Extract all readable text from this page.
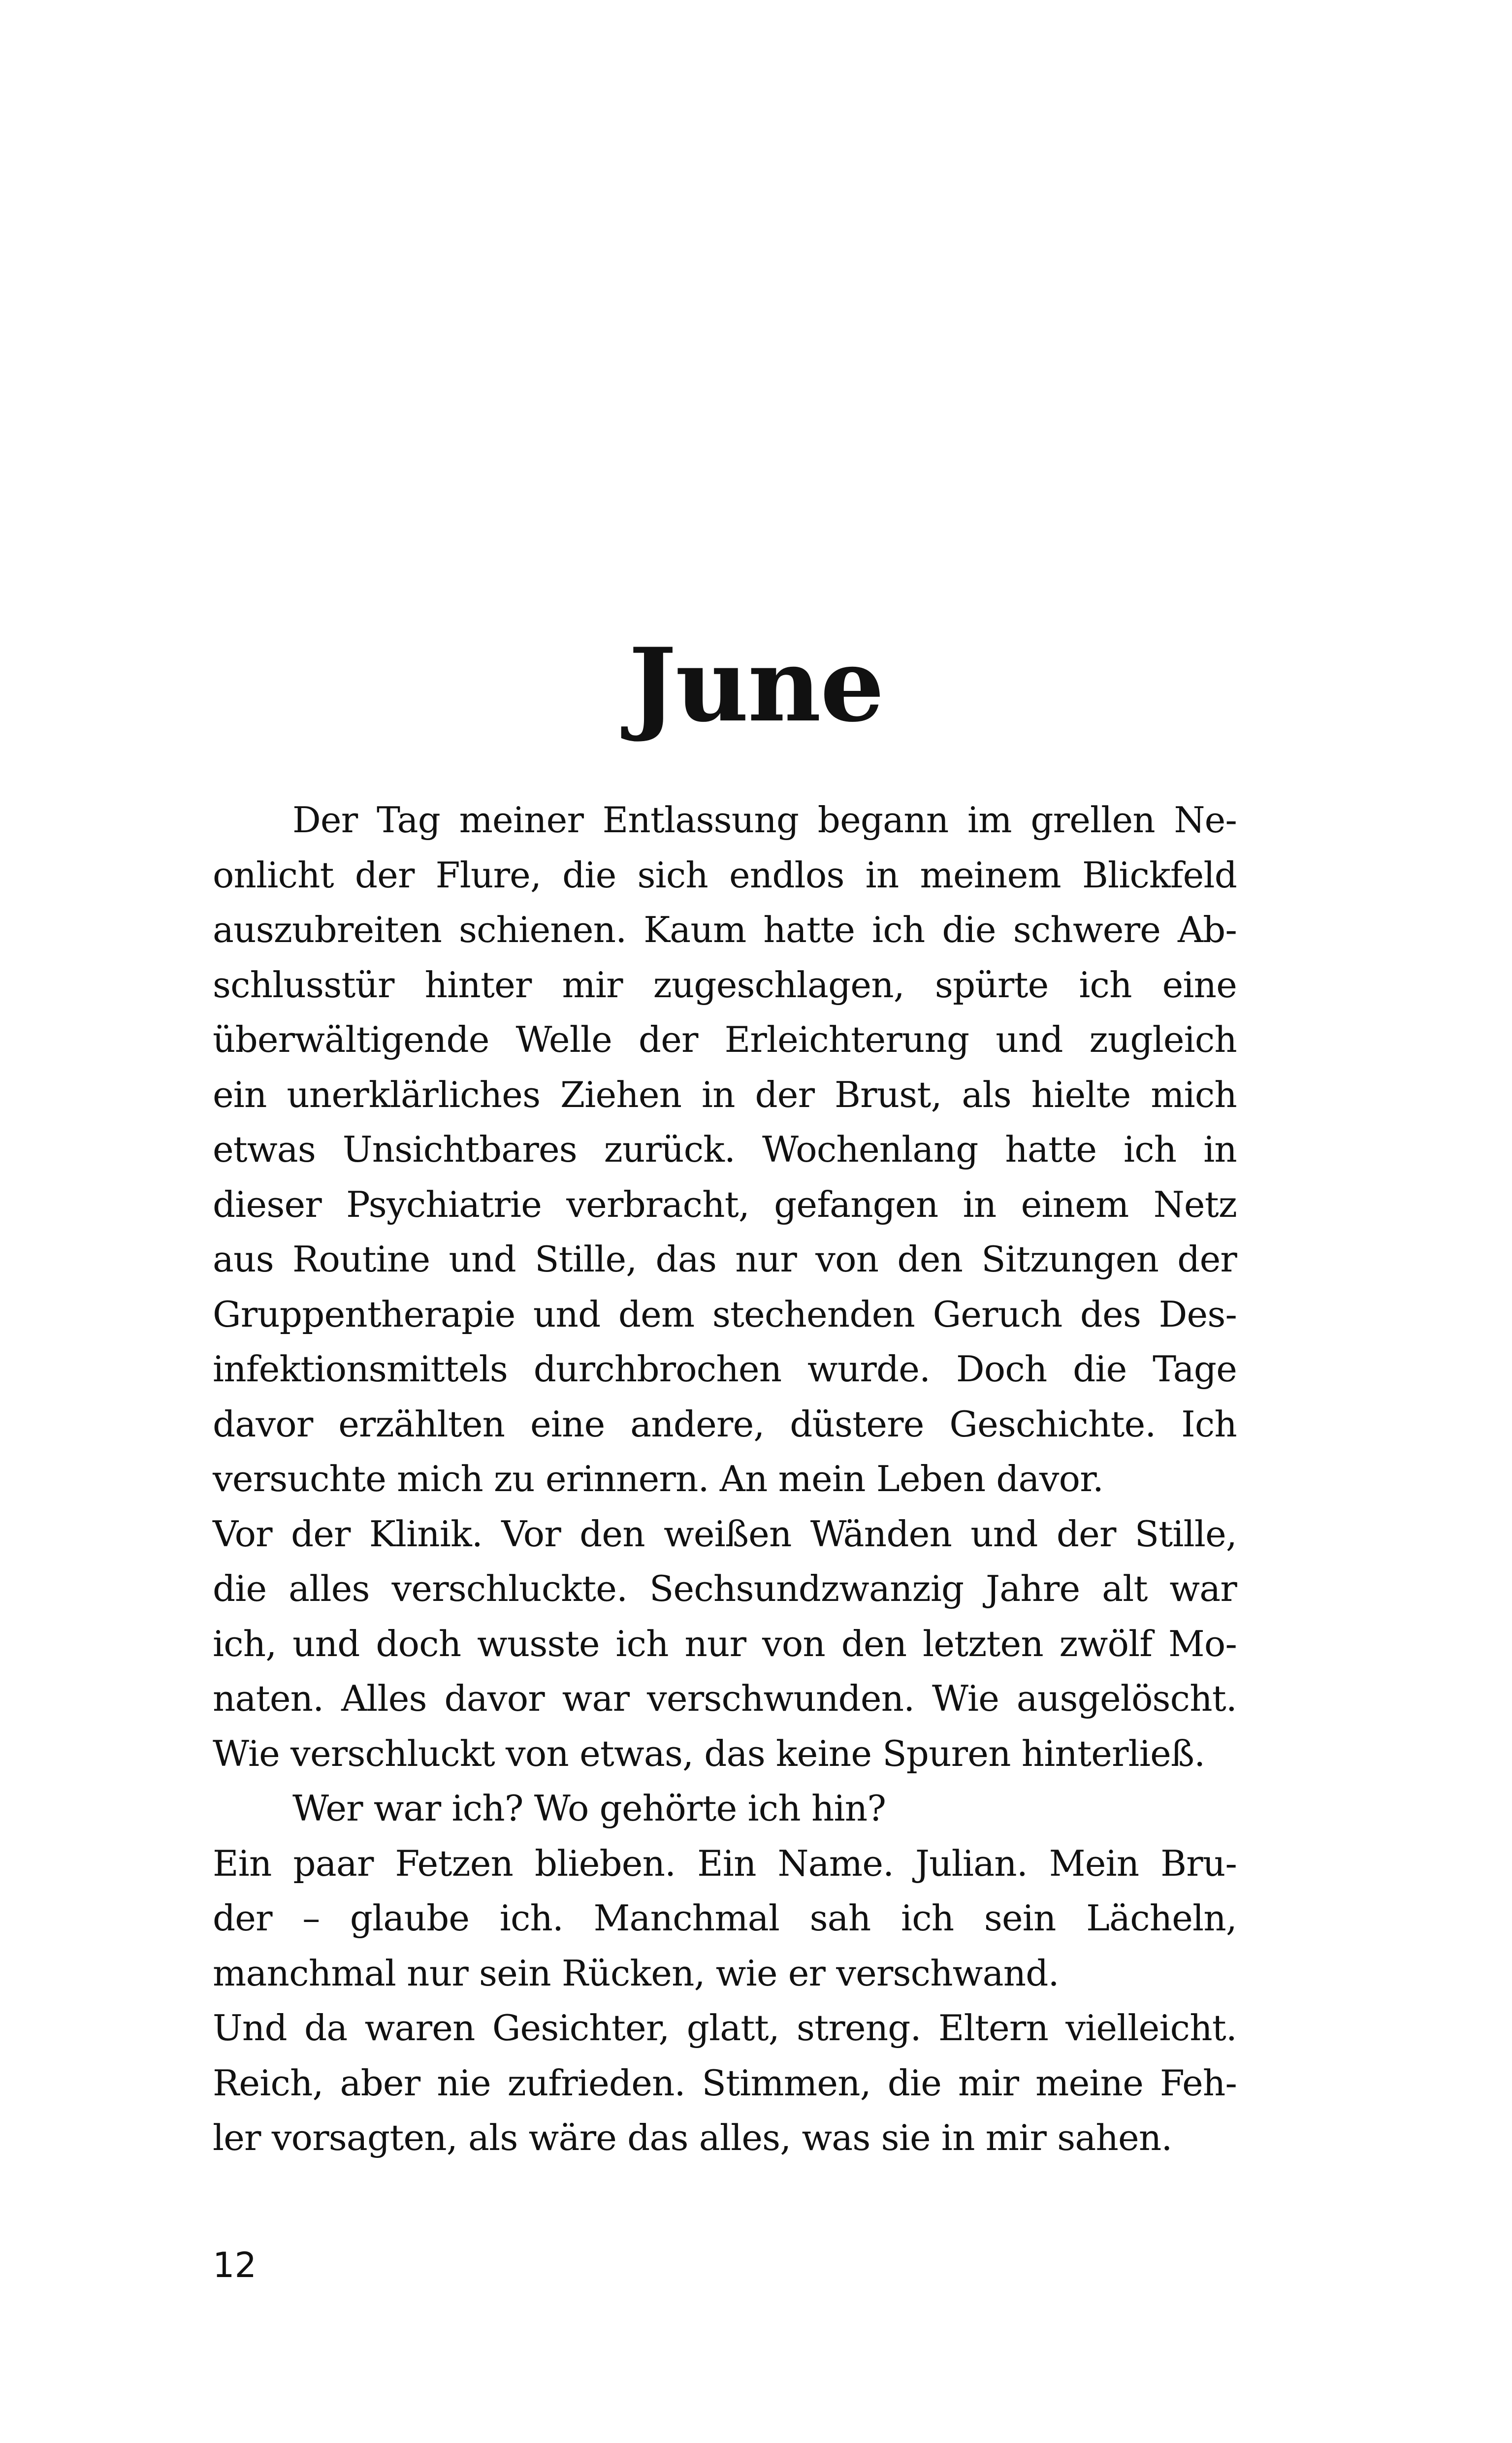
June
Der Tag meiner Entlassung begann im grellen Ne-
onlicht der Flure, die sich endlos in meinem Blickfeld
auszubreiten schienen. Kaum hatte ich die schwere Ab-
schlusstür hinter mir zugeschlagen, spürte ich eine
überwältigende Welle der Erleichterung und zugleich
ein unerklärliches Ziehen in der Brust, als hielte mich
etwas Unsichtbares zurück. Wochenlang hatte ich in
dieser Psychiatrie verbracht, gefangen in einem Netz
aus Routine und Stille, das nur von den Sitzungen der
Gruppentherapie und dem stechenden Geruch des Des-
infektionsmittels durchbrochen wurde. Doch die Tage
davor erzählten eine andere, düstere Geschichte. Ich
versuchte mich zu erinnern. An mein Leben davor.
Vor der Klinik. Vor den weißen Wänden und der Stille,
die alles verschluckte. Sechsundzwanzig Jahre alt war
ich, und doch wusste ich nur von den letzten zwölf Mo-
naten. Alles davor war verschwunden. Wie ausgelöscht.
Wie verschluckt von etwas, das keine Spuren hinterließ.
Wer war ich? Wo gehörte ich hin?
Ein paar Fetzen blieben. Ein Name. Julian. Mein Bru-
der – glaube ich. Manchmal sah ich sein Lächeln,
manchmal nur sein Rücken, wie er verschwand.
Und da waren Gesichter, glatt, streng. Eltern vielleicht.
Reich, aber nie zufrieden. Stimmen, die mir meine Feh-
ler vorsagten, als wäre das alles, was sie in mir sahen.
12
